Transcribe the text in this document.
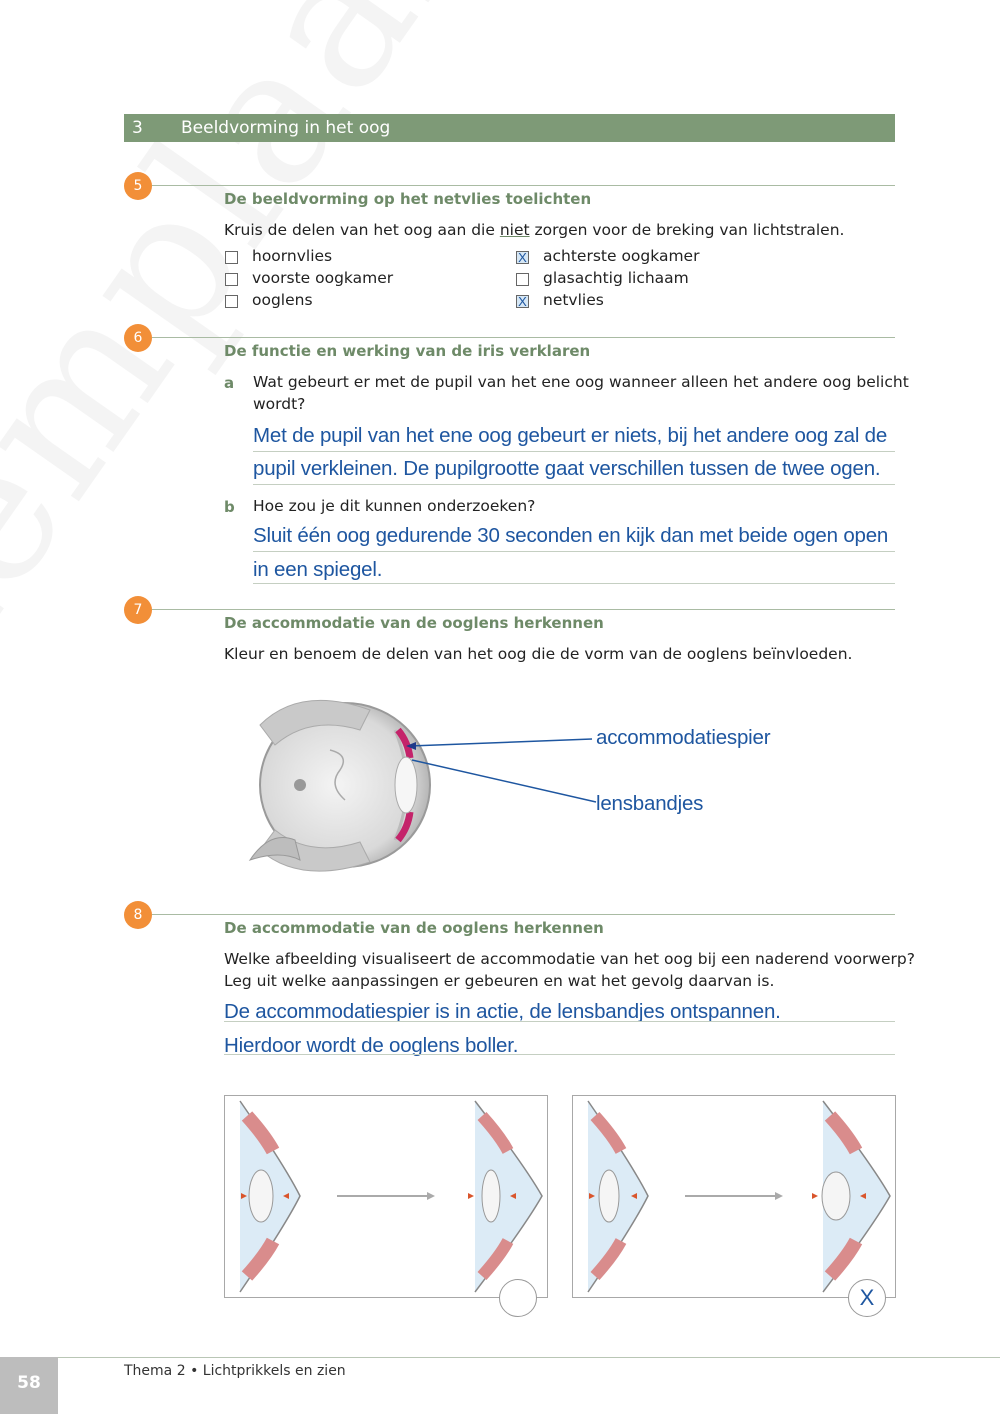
3 Beeldvorming in het oog
5
De beeldvorming op het netvlies toelichten
Kruis de delen van het oog aan die niet zorgen voor de breking van lichtstralen.
hoornvlies
voorste oogkamer
ooglens
X achterste oogkamer
glasachtig lichaam
X netvlies
6
De functie en werking van de iris verklaren
a Wat gebeurt er met de pupil van het ene oog wanneer alleen het andere oog belicht
wordt?
Met de pupil van het ene oog gebeurt er niets, bij het andere oog zal de
pupil verkleinen. De pupilgrootte gaat verschillen tussen de twee ogen.
b Hoe zou je dit kunnen onderzoeken?
Sluit één oog gedurende 30 seconden en kijk dan met beide ogen open
in een spiegel.
7
De accommodatie van de ooglens herkennen
Kleur en benoem de delen van het oog die de vorm van de ooglens beïnvloeden.
accommodatiespier
lensbandjes
8
De accommodatie van de ooglens herkennen
Welke afbeelding visualiseert de accommodatie van het oog bij een naderend voorwerp?
Leg uit welke aanpassingen er gebeuren en wat het gevolg daarvan is.
De accommodatiespier is in actie, de lensbandjes ontspannen.
Hierdoor wordt de ooglens boller.
X
58
Thema 2 • Lichtprikkels en zien
